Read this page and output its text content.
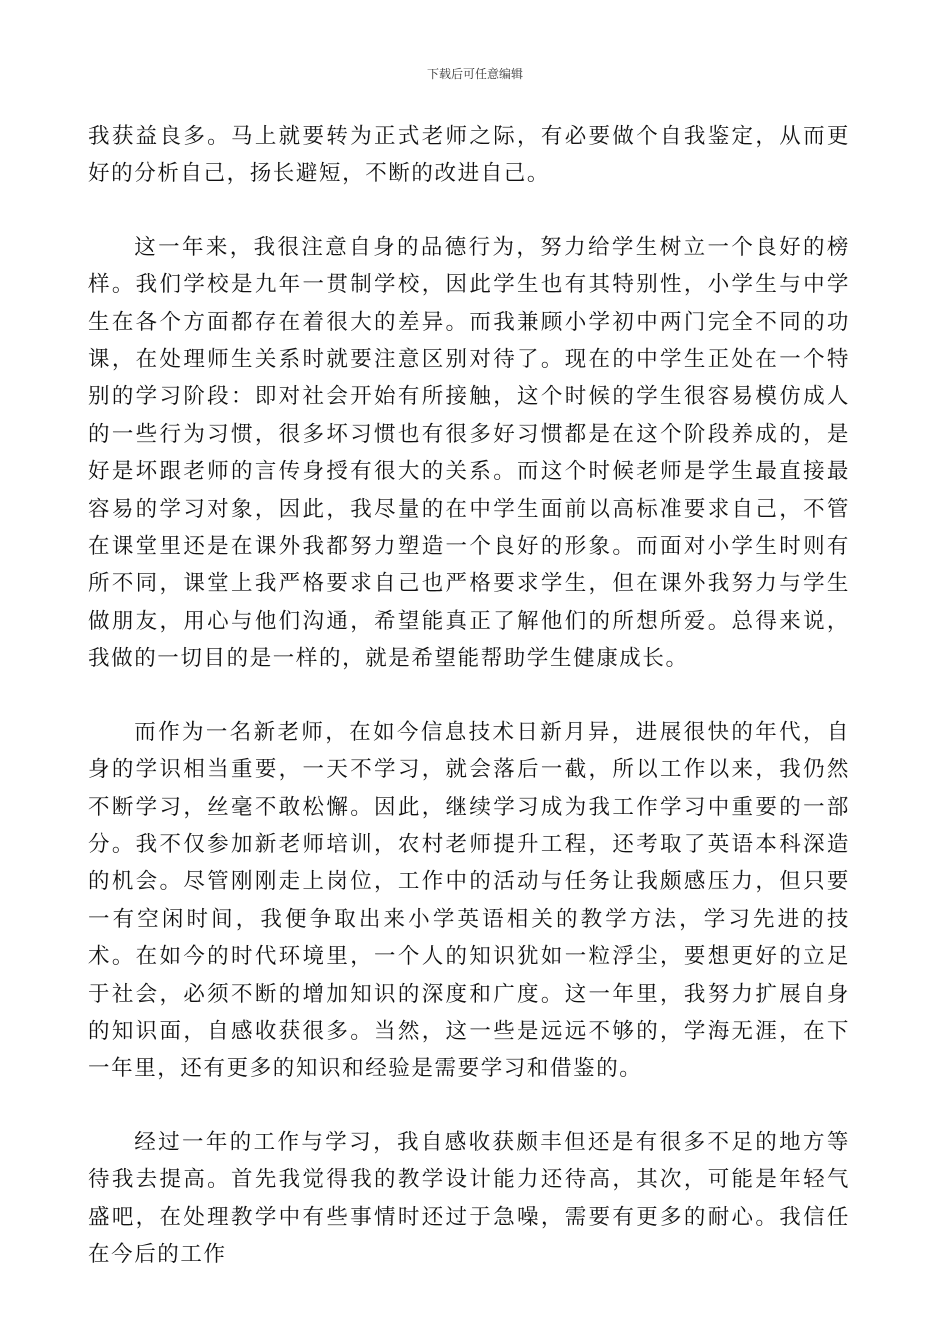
下载后可任意编辑

我获益良多。马上就要转为正式老师之际，有必要做个自我鉴定，从而更好的分析自己，扬长避短，不断的改进自己。

这一年来，我很注意自身的品德行为，努力给学生树立一个良好的榜样。我们学校是九年一贯制学校，因此学生也有其特别性，小学生与中学生在各个方面都存在着很大的差异。而我兼顾小学初中两门完全不同的功课，在处理师生关系时就要注意区别对待了。现在的中学生正处在一个特别的学习阶段：即对社会开始有所接触，这个时候的学生很容易模仿成人的一些行为习惯，很多坏习惯也有很多好习惯都是在这个阶段养成的，是好是坏跟老师的言传身授有很大的关系。而这个时候老师是学生最直接最容易的学习对象，因此，我尽量的在中学生面前以高标准要求自己，不管在课堂里还是在课外我都努力塑造一个良好的形象。而面对小学生时则有所不同，课堂上我严格要求自己也严格要求学生，但在课外我努力与学生做朋友，用心与他们沟通，希望能真正了解他们的所想所爱。总得来说，我做的一切目的是一样的，就是希望能帮助学生健康成长。

而作为一名新老师，在如今信息技术日新月异，进展很快的年代，自身的学识相当重要，一天不学习，就会落后一截，所以工作以来，我仍然不断学习，丝毫不敢松懈。因此，继续学习成为我工作学习中重要的一部分。我不仅参加新老师培训，农村老师提升工程，还考取了英语本科深造的机会。尽管刚刚走上岗位，工作中的活动与任务让我颇感压力，但只要一有空闲时间，我便争取出来小学英语相关的教学方法，学习先进的技术。在如今的时代环境里，一个人的知识犹如一粒浮尘，要想更好的立足于社会，必须不断的增加知识的深度和广度。这一年里，我努力扩展自身的知识面，自感收获很多。当然，这一些是远远不够的，学海无涯，在下一年里，还有更多的知识和经验是需要学习和借鉴的。

经过一年的工作与学习，我自感收获颇丰但还是有很多不足的地方等待我去提高。首先我觉得我的教学设计能力还待高，其次，可能是年轻气盛吧，在处理教学中有些事情时还过于急噪，需要有更多的耐心。我信任在今后的工作
